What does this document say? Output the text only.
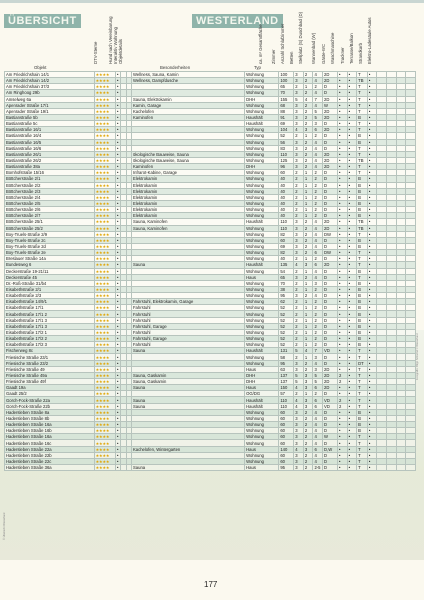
ÜBERSICHT	WESTERLAND
DTV-Sterne Hund nach Vereinbarung Interaktiv Wohnung Objektdetails	ca. m² Gesamtfläche Zimmer Anzahl Schlafzimmer Betten Stellplatz (S) Duschbad (D) Wannenbad (W) Gäste-WC Waschmaschine Trockner Terrasse/Balkon Strandkorb Elektro-Ladesäule Autos
Objekt	Besonderheiten	Typ
Am Friedrichshain 14/1	★★★★	•			Wellness, Sauna, Kamin	Wohnung	100	3	2	4	2D	•	•	T	•				
Am Friedrichshain 14/2	★★★★	•			Wellness, Dampfdusche	Wohnung	100	3	2	4	2D	•	•	TB	•				
Am Friedrichshain 37/3	★★★★	•				Wohnung	65	2	1	2	D	•	•	T	•				
Am Ringhoog 29b	★★★★	•				Wohnung	70	3	2	4	D	•	•	T	•				
Amselweg 6a	★★★★	•			Sauna, Elektrokamin	DHH	155	5	4	7	2D	•	•	T	•				
Apenrader Straße 17/1	★★★★	•			Kamin, Garage	Wohnung	68	3	2	4	W	•	•	T	•				
Apenrader Straße 19/1	★★★★	•			Kachelofen	Wohnung	88	3	2	5	2D	•	•	T	•				
Bastianstraße 5b	★★★★	•			Kaminofen	Haushält	91	3	2	5	2D	•	•	B	•				
Bastianstraße 5c	★★★★	•				Haushält	69	3	2	3	D	•	•	T	•				
Bastianstraße 16/1	★★★★	•				Wohnung	104	4	3	6	2D	•	•	T	•				
Bastianstraße 16/4	★★★★	•				Wohnung	52	2	1	2	D	•	•	B	•				
Bastianstraße 16/5	★★★★	•				Wohnung	56	3	2	4	D	•	•	B	•				
Bastianstraße 16/6	★★★★	•				Wohnung	83	3	2	4	D	•	•	T	•				
Bastianstraße 26/1	★★★★	•			ökologische Bauweise, Sauna	Wohnung	110	3	2	4	2D	•	•	T	•				
Bastianstraße 26/2	★★★★	•			ökologische Bauweise, Sauna	Wohnung	125	3	2	4	2D	•	•	TB	•				
Bastianstraße 38a	★★★★	•			Kaminofen	DHH	96	3	2	4	2D	•	•	T	•				
Bomhofstraße 15/16	★★★★	•			Infrarot-Kabine, Garage	Wohnung	60	2	1	2	D	•	•	T	•				
Böttcherstraße 2/1	★★★★	•			Elektrokamin	Wohnung	40	2	1	2	D	•	•	B	•				
Böttcherstraße 2/2	★★★★	•			Elektrokamin	Wohnung	40	2	1	2	D	•	•	B	•				
Böttcherstraße 2/3	★★★★	•			Elektrokamin	Wohnung	40	2	1	2	D	•	•	B	•				
Böttcherstraße 2/4	★★★★	•			Elektrokamin	Wohnung	40	2	1	2	D	•	•	B	•				
Böttcherstraße 2/5	★★★★	•			Elektrokamin	Wohnung	40	2	1	2	D	•	•	B	•				
Böttcherstraße 2/6	★★★★	•			Elektrokamin	Wohnung	40	2	1	2	D	•	•	B	•				
Böttcherstraße 2/7	★★★★	•			Elektrokamin	Wohnung	40	2	1	2	D	•	•	B	•				
Böttcherstraße 25/1	★★★★	•			Sauna, Kaminofen	Haushält	110	3	2	4	2D	•	•	TB	•				
Böttcherstraße 25/2	★★★★	•			Sauna, Kaminofen	Wohnung	110	3	2	4	2D	•	•	TB	•				
Boy-Truels-Straße 2/9	★★★★	•				Wohnung	82	3	2	4	DW	•	•	T	•				
Boy-Truels-Straße 2c	★★★★	•				Wohnung	60	3	2	4	D	•	•	B	•				
Boy-Truels-Straße 2d	★★★★	•				Wohnung	69	3	2	4	D	•	•	B	•				
Boy-Truels-Straße 2e	★★★★	•				Wohnung	82	3	2	6	DW	•	•	T	•				
Breslauer Straße 14a	★★★★	•				Wohnung	40	2	1	2	D	•	•	T	•				
Bundesweg 6	★★★★	•			Sauna	Haushält	135	4	3	6	2D	•	•	T	•				
Deckerstraße 19-21/11	★★★★	•				Wohnung	54	2	1	4	D	•	•	B	•				
Deckerstraße 45	★★★★	•				Haus	65	3	2	4	D	•	•	T	•				
Dr.-Roß-Straße 31/b4	★★★★	•				Wohnung	70	2	1	3	D	•	•	B	•				
Eisabethstraße 2/1	★★★★	•				Wohnung	38	2	1	2	D	•	•	B	•				
Eisabethstraße 2/3	★★★★	•				Wohnung	95	3	2	4	D	•	•	B	•				
Eisabethstraße 14/9/1	★★★★	•			Fahrstuhl, Elektrokamin, Garage	Wohnung	62	2	1	2	D	•	•	B	•				
Eisabethstraße 17/1	★★★★	•			Fahrstuhl	Wohnung	52	2	1	2	D	•	•	B	•				
Eisabethstraße 17/1 2	★★★★	•			Fahrstuhl	Wohnung	52	2	1	2	D	•	•	B	•				
Eisabethstraße 17/1 3	★★★★	•			Fahrstuhl	Wohnung	52	2	1	2	D	•	•	B	•				
Eisabethstraße 17/1 3	★★★★	•			Fahrstuhl, Garage	Wohnung	52	2	1	2	D	•	•	B	•				
Eisabethstraße 17/2 1	★★★★	•			Fahrstuhl	Wohnung	52	2	1	2	D	•	•	B	•				
Eisabethstraße 17/2 2	★★★★	•			Fahrstuhl, Garage	Wohnung	52	2	1	2	D	•	•	B	•				
Eisabethstraße 17/2 3	★★★★	•			Fahrstuhl	Wohnung	52	2	1	2	D	•	•	B	•				
Fischerweg 8c	★★★★	•			Sauna	Haushält	131	5	4	7	VD	•	•	T	•				
Friesische Straße 23/1	★★★★	•				Wohnung	58	2	1	3	D	•	•	T	•				
Friesische Straße 23/2	★★★★	•				Wohnung	95	3	2	4	D	•	•	DT	•				
Friesische Straße 49	★★★★	•				Haus	63	3	2	3	2D	•	•	T	•				
Friesische Straße 49a	★★★★	•			Sauna, Gaskamin	DHH	137	5	3	5	2D	2	•	T	•				
Friesische Straße 49f	★★★★	•			Sauna, Gaskamin	DHH	137	5	3	5	2D	2	•	T	•				
Gaadt 19a	★★★★	•			Sauna	Haus	150	4	3	6	2D	•	•	T	•				
Gaadt 25/2	★★★★	•				OG/DG	57	2	1	2	D	•	•	T	•				
Gorch-Fock-Straße 22a	★★★★	•			Sauna	Haushält	110	4	3	6	VD	2	•	T	•				
Gorch-Fock-Straße 22b	★★★★	•			Sauna	Haushält	110	4	3	6	VD	2	•	T	•				
Hadersleben Straße 8a	★★★★	•				Wohnung	60	3	2	4	D	•	•	B	•				
Hadersleben Straße 8b	★★★★	•				Wohnung	60	3	2	4	D	•	•	B	•				
Hadersleben Straße 16a	★★★★	•				Wohnung	60	3	2	4	D	•	•	B	•				
Hadersleben Straße 16b	★★★★	•				Wohnung	60	3	2	4	D	•	•	B	•				
Hadersleben Straße 16a	★★★★	•				Wohnung	60	3	2	4	W	•	•	T	•				
Hadersleben Straße 16c	★★★★	•				Wohnung	60	3	2	4	D	•	•	T	•				
Hadersleben Straße 22a	★★★★	•			Kachelofen, Wintergarten	Haus	140	4	3	6	D,W	•	•	T	•				
Hadersleben Straße 22b	★★★★	•				Wohnung	60	3	2	4	D	•	•	T	•				
Hadersleben Straße 22c	★★★★	•				Wohnung	60	3	2	4	D	•	•	T	•				
Hadersleben Straße 36a	★★★★	•			Sauna	Haus	95	3	2	2-5	D	•	•	T	•				
177
Fotografin: Birgit Schnörel © Westerland
© Übersicht Westerland
